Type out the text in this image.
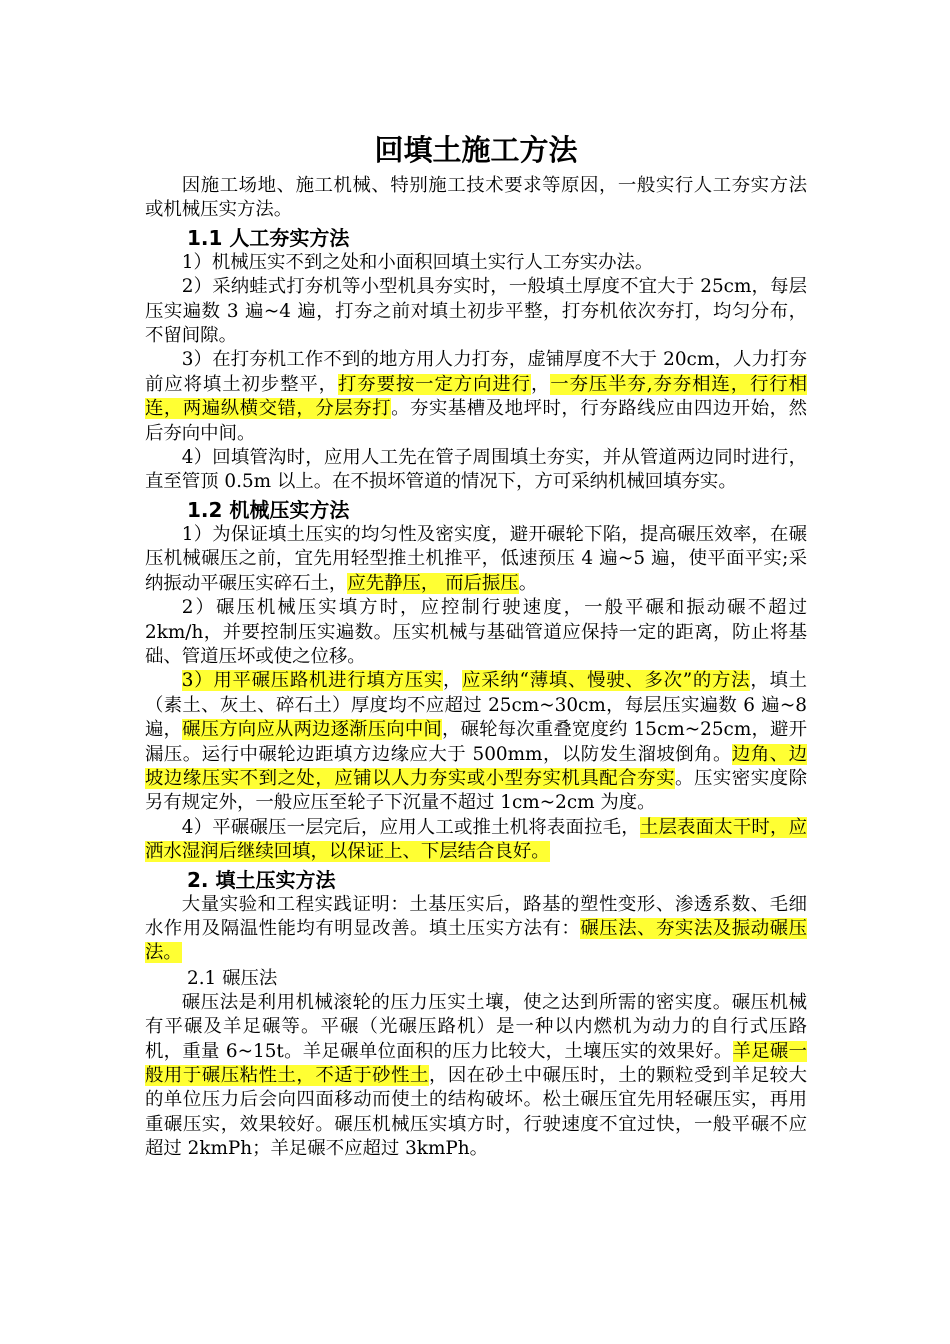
回填土施工方法

因施工场地、施工机械、特别施工技术要求等原因，一般实行人工夯实方法或机械压实方法。

1.1 人工夯实方法

1）机械压实不到之处和小面积回填土实行人工夯实办法。

2）采纳蛙式打夯机等小型机具夯实时，一般填土厚度不宜大于 25cm，每层压实遍数 3 遍~4 遍，打夯之前对填土初步平整，打夯机依次夯打，均匀分布，不留间隙。

3）在打夯机工作不到的地方用人力打夯，虚铺厚度不大于 20cm，人力打夯前应将填土初步整平，打夯要按一定方向进行，一夯压半夯,夯夯相连，行行相连，两遍纵横交错，分层夯打。夯实基槽及地坪时，行夯路线应由四边开始，然后夯向中间。

4）回填管沟时，应用人工先在管子周围填土夯实，并从管道两边同时进行，直至管顶 0.5m 以上。在不损坏管道的情况下，方可采纳机械回填夯实。

1.2 机械压实方法

1）为保证填土压实的均匀性及密实度，避开碾轮下陷，提高碾压效率，在碾压机械碾压之前，宜先用轻型推土机推平，低速预压 4 遍~5 遍，使平面平实;采纳振动平碾压实碎石土，应先静压， 而后振压。

2）碾压机械压实填方时，应控制行驶速度，一般平碾和振动碾不超过 2km/h，并要控制压实遍数。压实机械与基础管道应保持一定的距离，防止将基础、管道压坏或使之位移。

3）用平碾压路机进行填方压实，应采纳“薄填、慢驶、多次”的方法，填土（素土、灰土、碎石土）厚度均不应超过 25cm~30cm，每层压实遍数 6 遍~8 遍，碾压方向应从两边逐渐压向中间，碾轮每次重叠宽度约 15cm~25cm，避开漏压。运行中碾轮边距填方边缘应大于 500mm，以防发生溜坡倒角。边角、边坡边缘压实不到之处，应铺以人力夯实或小型夯实机具配合夯实。压实密实度除另有规定外，一般应压至轮子下沉量不超过 1cm~2cm 为度。

4）平碾碾压一层完后，应用人工或推土机将表面拉毛，土层表面太干时，应洒水湿润后继续回填，以保证上、下层结合良好。

2. 填土压实方法

大量实验和工程实践证明：土基压实后，路基的塑性变形、渗透系数、毛细水作用及隔温性能均有明显改善。填土压实方法有：碾压法、夯实法及振动碾压法。

2.1 碾压法

碾压法是利用机械滚轮的压力压实土壤，使之达到所需的密实度。碾压机械有平碾及羊足碾等。平碾（光碾压路机）是一种以内燃机为动力的自行式压路机，重量 6~15t。羊足碾单位面积的压力比较大，土壤压实的效果好。羊足碾一般用于碾压粘性土，不适于砂性土，因在砂土中碾压时，土的颗粒受到羊足较大的单位压力后会向四面移动而使土的结构破坏。松土碾压宜先用轻碾压实，再用重碾压实，效果较好。碾压机械压实填方时，行驶速度不宜过快，一般平碾不应超过 2kmPh；羊足碾不应超过 3kmPh。
